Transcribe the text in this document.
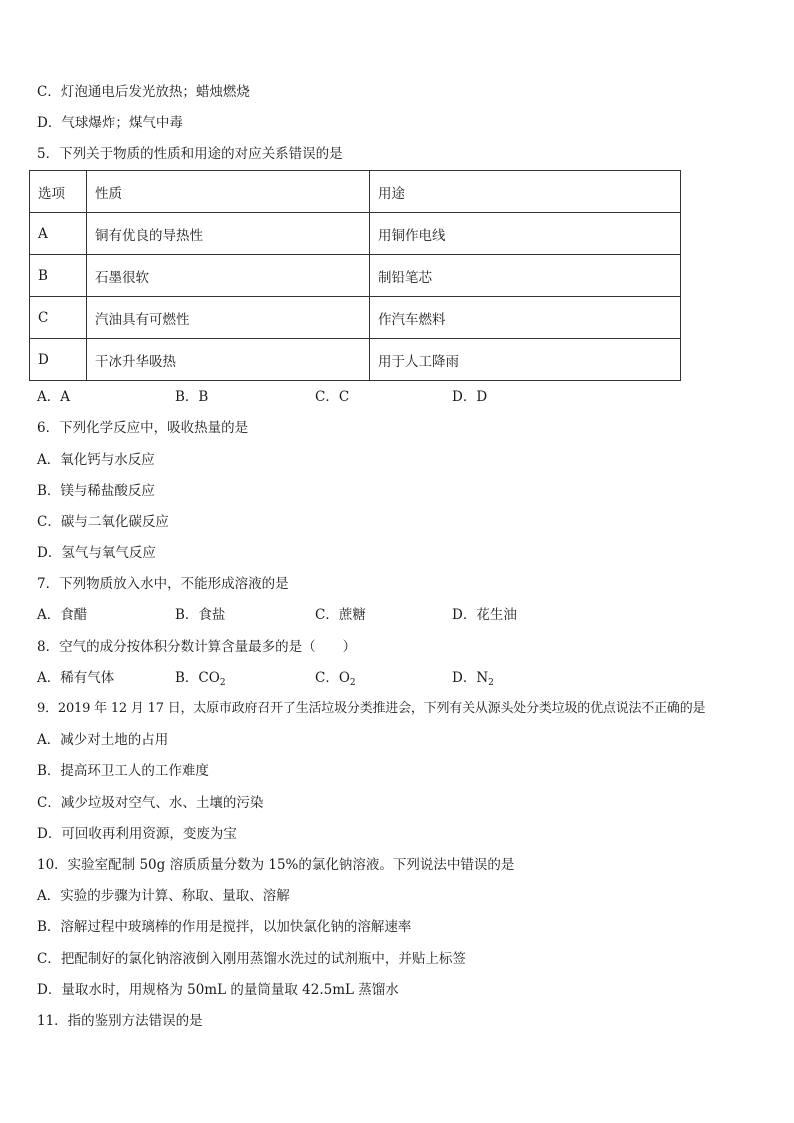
C．灯泡通电后发光放热；蜡烛燃烧
D．气球爆炸；煤气中毒
5．下列关于物质的性质和用途的对应关系错误的是
选项	性质	用途
A	铜有优良的导热性	用铜作电线
B	石墨很软	制铅笔芯
C	汽油具有可燃性	作汽车燃料
D	干冰升华吸热	用于人工降雨
A．A	B．B	C．C	D．D
6．下列化学反应中，吸收热量的是
A．氧化钙与水反应
B．镁与稀盐酸反应
C．碳与二氧化碳反应
D．氢气与氧气反应
7．下列物质放入水中，不能形成溶液的是
A．食醋	B．食盐	C．蔗糖	D．花生油
8．空气的成分按体积分数计算含量最多的是（　　）
A．稀有气体	B．$CO_2$	C．$O_2$	D．$N_2$
9．2019 年 12 月 17 日，太原市政府召开了生活垃圾分类推进会，下列有关从源头处分类垃圾的优点说法不正确的是
A．减少对土地的占用
B．提高环卫工人的工作难度
C．减少垃圾对空气、水、土壤的污染
D．可回收再利用资源，变废为宝
10．实验室配制 50g 溶质质量分数为 15%的氯化钠溶液。下列说法中错误的是
A．实验的步骤为计算、称取、量取、溶解
B．溶解过程中玻璃棒的作用是搅拌，以加快氯化钠的溶解速率
C．把配制好的氯化钠溶液倒入刚用蒸馏水洗过的试剂瓶中，并贴上标签
D．量取水时，用规格为 50mL 的量筒量取 42.5mL 蒸馏水
11．指的鉴别方法错误的是
